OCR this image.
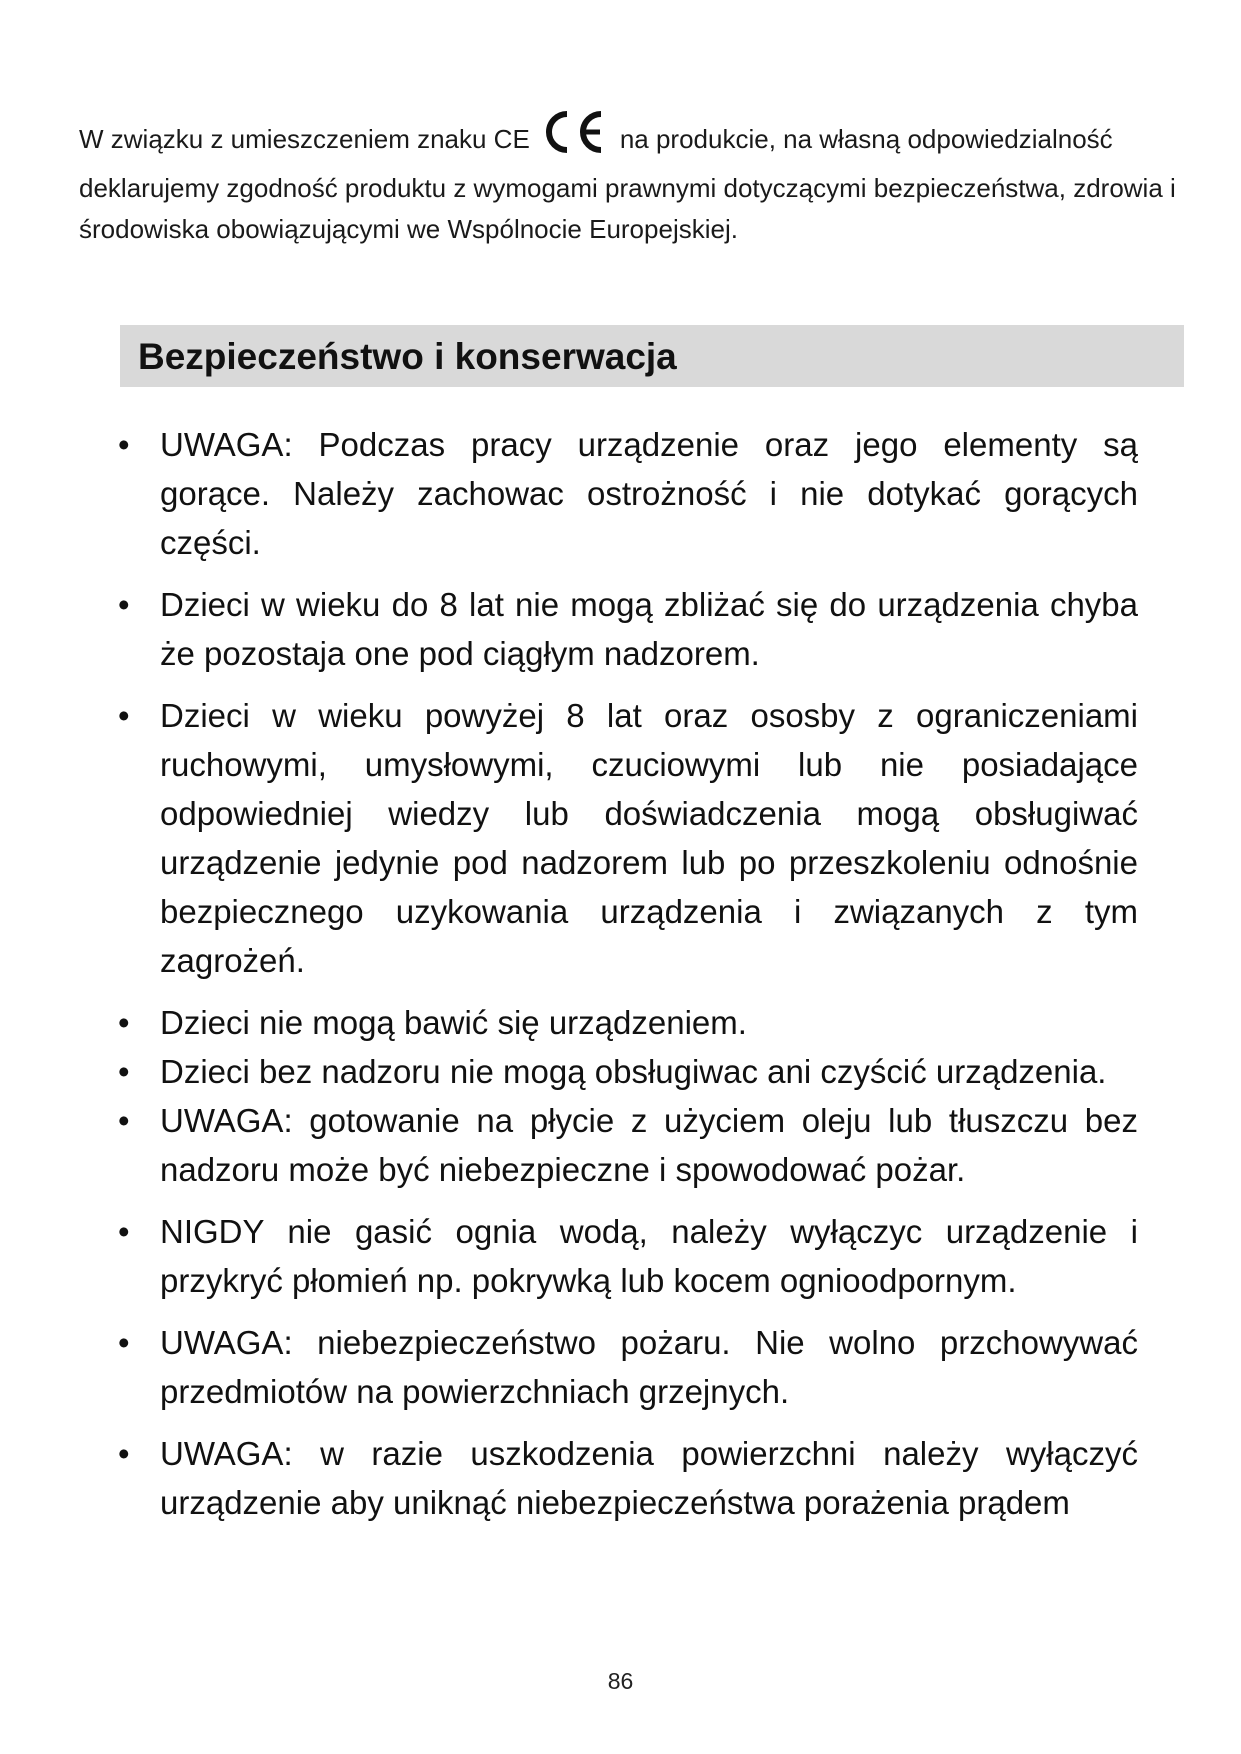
W związku z umieszczeniem znaku CE	na produkcie, na własną odpowiedzialność deklarujemy zgodność produktu z wymogami prawnymi dotyczącymi bezpieczeństwa, zdrowia i środowiska obowiązującymi we Wspólnocie Europejskiej.

Bezpieczeństwo i konserwacja
• UWAGA: Podczas pracy urządzenie oraz jego elementy są gorące. Należy zachowac ostrożność i nie dotykać gorących części.
• Dzieci w wieku do 8 lat nie mogą zbliżać się do urządzenia chyba że pozostaja one pod ciągłym nadzorem.
• Dzieci w wieku powyżej 8 lat oraz ososby z ograniczeniami ruchowymi, umysłowymi, czuciowymi lub nie posiadające odpowiedniej wiedzy lub doświadczenia mogą obsługiwać urządzenie jedynie pod nadzorem lub po przeszkoleniu odnośnie bezpiecznego uzykowania urządzenia i związanych z tym zagrożeń.
• Dzieci nie mogą bawić się urządzeniem.
• Dzieci bez nadzoru nie mogą obsługiwac ani czyścić urządzenia.
• UWAGA: gotowanie na płycie z użyciem oleju lub tłuszczu bez nadzoru może być niebezpieczne i spowodować pożar.
• NIGDY nie gasić ognia wodą, należy wyłączyc urządzenie i przykryć płomień np. pokrywką lub kocem ognioodpornym.
• UWAGA: niebezpieczeństwo pożaru. Nie wolno przchowywać przedmiotów na powierzchniach grzejnych.
• UWAGA: w razie uszkodzenia powierzchni należy wyłączyć urządzenie aby uniknąć niebezpieczeństwa porażenia prądem
86
